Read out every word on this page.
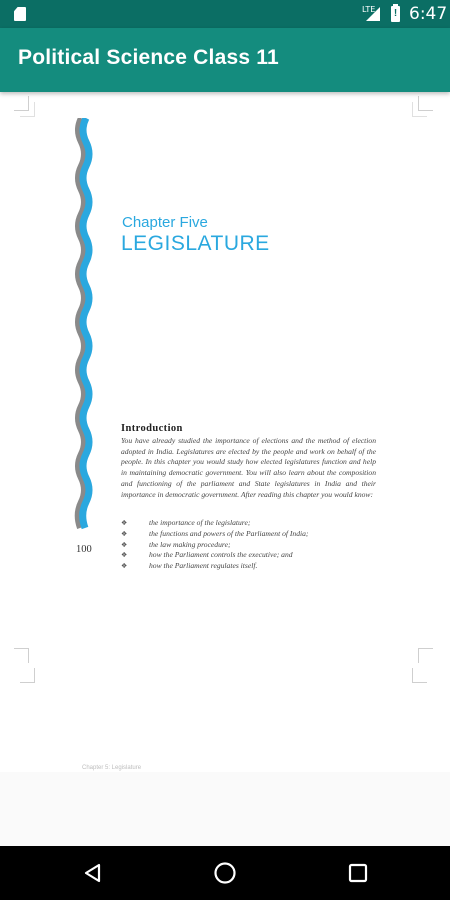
LTE ! 6:47
Political Science Class 11
Chapter Five
LEGISLATURE
Introduction
You have already studied the importance of elections and the method of election adopted in India. Legislatures are elected by the people and work on behalf of the people. In this chapter you would study how elected legislatures function and help in maintaining democratic government. You will also learn about the composition and functioning of the parliament and State legislatures in India and their importance in democratic government. After reading this chapter you would know:
❖	the importance of the legislature;
❖	the functions and powers of the Parliament of India;
❖	the law making procedure;
❖	how the Parliament controls the executive; and
❖	how the Parliament regulates itself.
100
Chapter 5: Legislature
